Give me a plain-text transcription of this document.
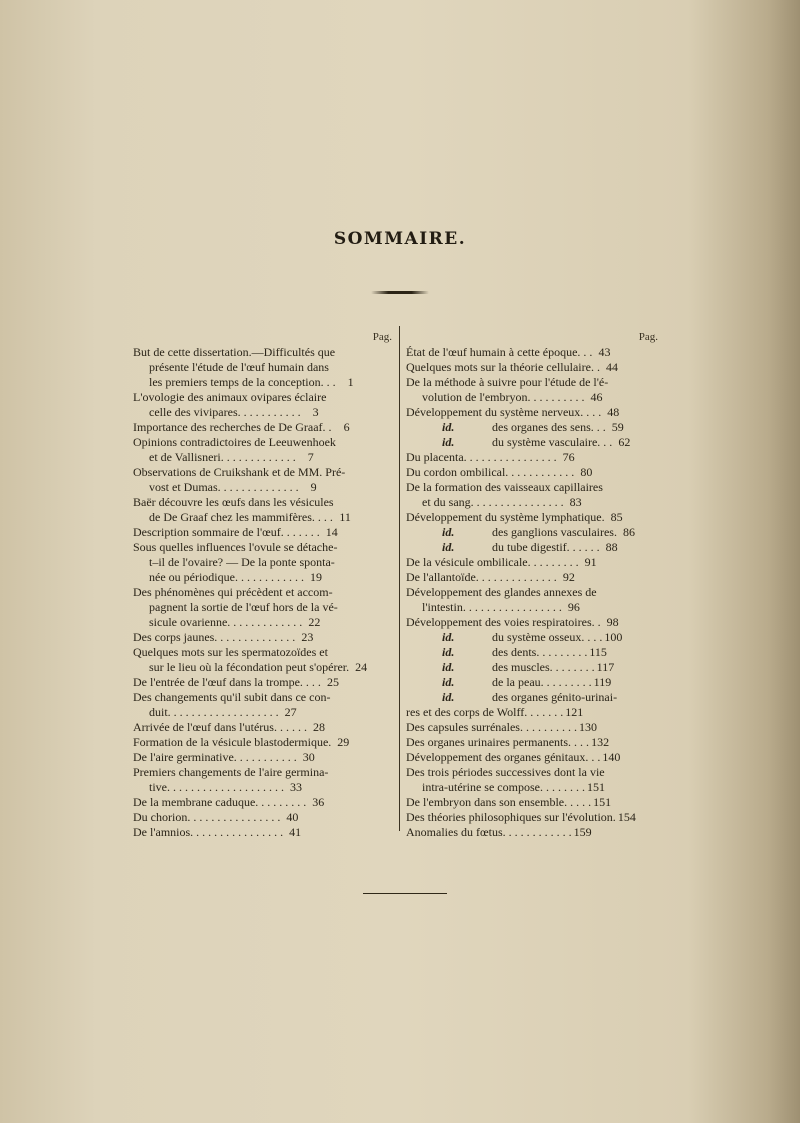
SOMMAIRE.
Pag.
But de cette dissertation.—Difficultés que
présente l'étude de l'œuf humain dans
les premiers temps de la conception. . .	1
L'ovologie des animaux ovipares éclaire
celle des vivipares. . . . . . . . . . .	3
Importance des recherches de De Graaf. .	6
Opinions contradictoires de Leeuwenhoek
et de Vallisneri. . . . . . . . . . . . .	7
Observations de Cruikshank et de MM. Pré-
vost et Dumas. . . . . . . . . . . . . .	9
Baër découvre les œufs dans les vésicules
de De Graaf chez les mammifères. . . . 11
Description sommaire de l'œuf. . . . . . . 14
Sous quelles influences l'ovule se détache-
t–il de l'ovaire? — De la ponte sponta-
née ou périodique. . . . . . . . . . . . 19
Des phénomènes qui précèdent et accom-
pagnent la sortie de l'œuf hors de la vé-
sicule ovarienne. . . . . . . . . . . . . 22
Des corps jaunes. . . . . . . . . . . . . . 23
Quelques mots sur les spermatozoïdes et
sur le lieu où la fécondation peut s'opérer. 24
De l'entrée de l'œuf dans la trompe. . . . 25
Des changements qu'il subit dans ce con-
duit. . . . . . . . . . . . . . . . . . . 27
Arrivée de l'œuf dans l'utérus. . . . . . 28
Formation de la vésicule blastodermique. 29
De l'aire germinative. . . . . . . . . . . 30
Premiers changements de l'aire germina-
tive. . . . . . . . . . . . . . . . . . . . 33
De la membrane caduque. . . . . . . . . 36
Du chorion. . . . . . . . . . . . . . . . 40
De l'amnios. . . . . . . . . . . . . . . . 41
Pag.
État de l'œuf humain à cette époque. . . 43
Quelques mots sur la théorie cellulaire. . 44
De la méthode à suivre pour l'étude de l'é-
volution de l'embryon. . . . . . . . . . 46
Développement du système nerveux. . . . 48
id.	des organes des sens. . . 59
id.	du système vasculaire. . . 62
Du placenta. . . . . . . . . . . . . . . . 76
Du cordon ombilical. . . . . . . . . . . . 80
De la formation des vaisseaux capillaires
et du sang. . . . . . . . . . . . . . . . 83
Développement du système lymphatique. 85
id.	des ganglions vasculaires. 86
id.	du tube digestif. . . . . . 88
De la vésicule ombilicale. . . . . . . . . 91
De l'allantoïde. . . . . . . . . . . . . . 92
Développement des glandes annexes de
l'intestin. . . . . . . . . . . . . . . . . 96
Développement des voies respiratoires. . 98
id.	du système osseux. . . . 100
id.	des dents. . . . . . . . . 115
id.	des muscles. . . . . . . . 117
id.	de la peau. . . . . . . . . 119
id.	des organes génito-urinai-
res et des corps de Wolff. . . . . . . 121
Des capsules surrénales. . . . . . . . . . 130
Des organes urinaires permanents. . . . 132
Développement des organes génitaux. . . 140
Des trois périodes successives dont la vie
intra-utérine se compose. . . . . . . . 151
De l'embryon dans son ensemble. . . . . 151
Des théories philosophiques sur l'évolution. 154
Anomalies du fœtus. . . . . . . . . . . . 159
